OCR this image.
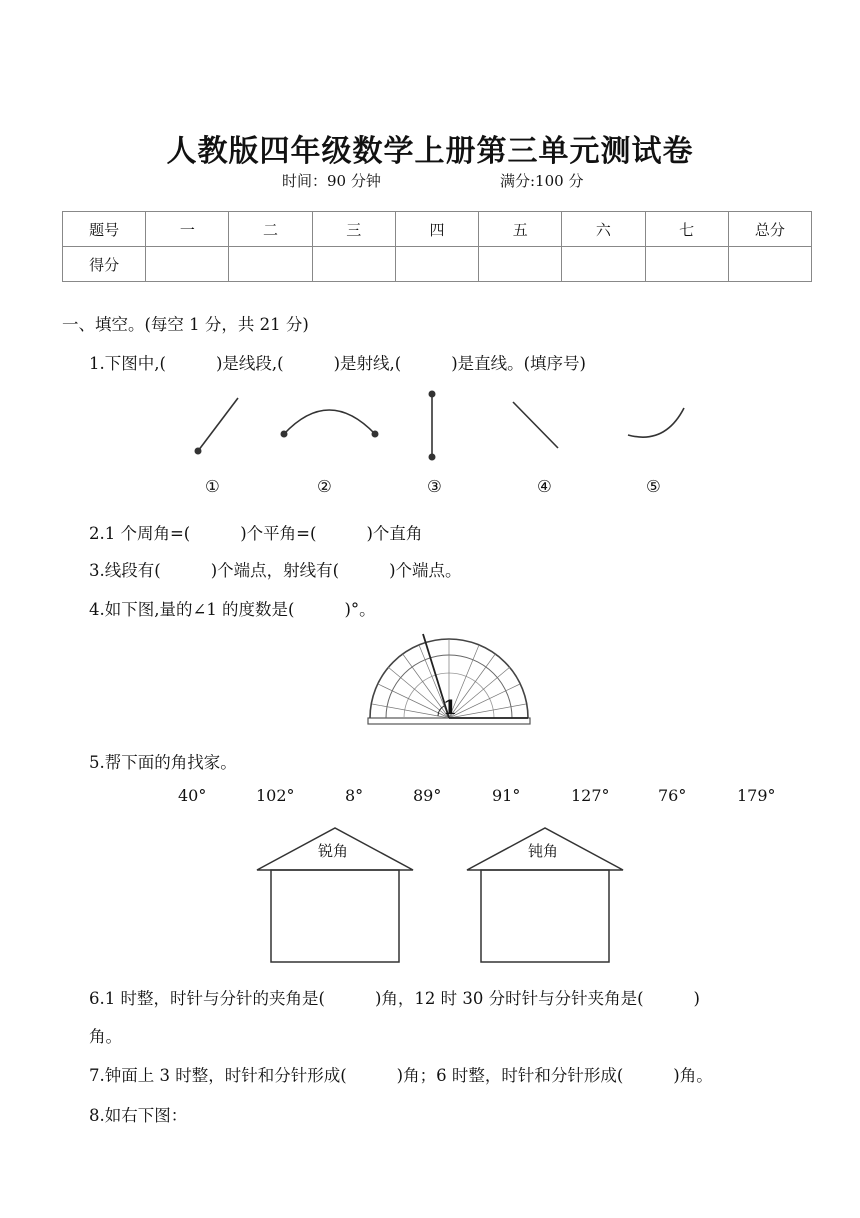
人教版四年级数学上册第三单元测试卷
时间：90 分钟	满分:100 分
题号	一	二	三	四	五	六	七	总分
得分								
一、填空。(每空 1 分，共 21 分)
1.下图中,(	)是线段,(	)是射线,(	)是直线。(填序号)
①	②	③	④	⑤
2.1 个周角=(	)个平角=(	)个直角
3.线段有(	)个端点，射线有(	)个端点。
4.如下图,量的∠1 的度数是(	)°。
1
5.帮下面的角找家。
40°	102°	8°	89°	91°	127°	76°	179°
锐角	钝角
6.1 时整，时针与分针的夹角是(	)角，12 时 30 分时针与分针夹角是(	)
角。
7.钟面上 3 时整，时针和分针形成(	)角；6 时整，时针和分针形成(	)角。
8.如右下图：
